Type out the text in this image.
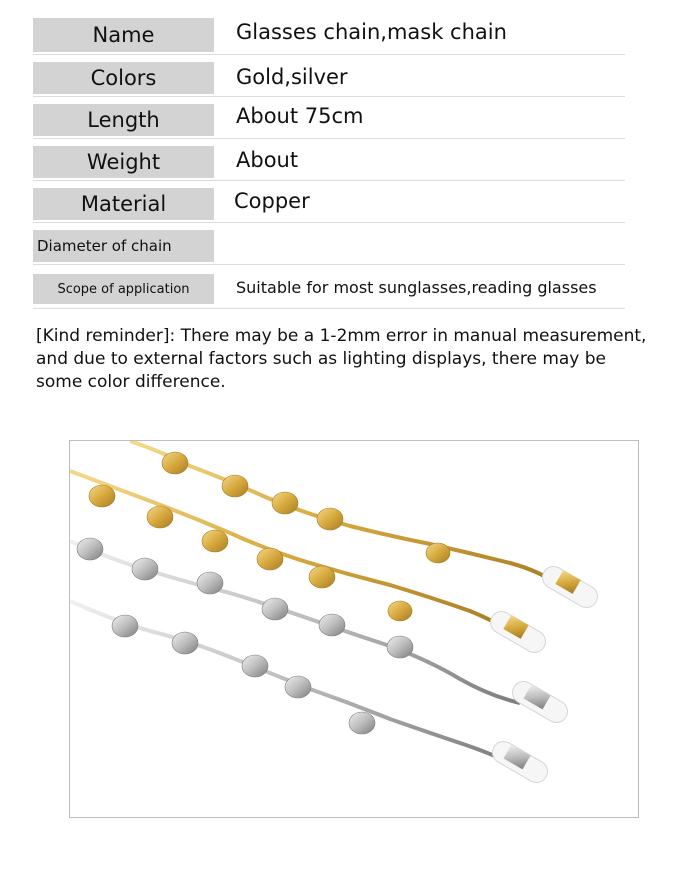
Name	Glasses chain,mask chain
Colors	Gold,silver
Length	About 75cm
Weight	About
Material	Copper
Diameter of chain
Scope of application	Suitable for most sunglasses,reading glasses
[Kind reminder]: There may be a 1-2mm error in manual measurement, and due to external factors such as lighting displays, there may be some color difference.
